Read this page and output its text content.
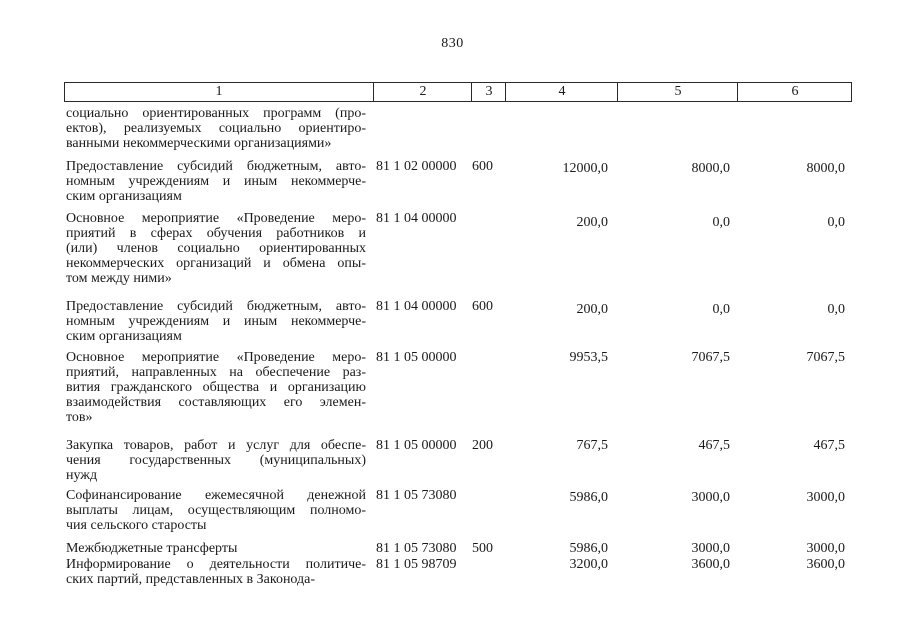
830
1	2	3	4	5	6
социально ориентированных программ (про-
ектов), реализуемых социально ориентиро-
ванными некоммерческими организациями»
Предоставление субсидий бюджетным, авто-
номным учреждениям и иным некоммерче-
ским организациям
81 1 02 00000 600	12000,0	8000,0	8000,0
Основное мероприятие «Проведение меро-
приятий в сферах обучения работников и
(или) членов социально ориентированных
некоммерческих организаций и обмена опы-
том между ними»
81 1 04 00000	200,0	0,0	0,0
Предоставление субсидий бюджетным, авто-
номным учреждениям и иным некоммерче-
ским организациям
81 1 04 00000 600	200,0	0,0	0,0
Основное мероприятие «Проведение меро-
приятий, направленных на обеспечение раз-
вития гражданского общества и организацию
взаимодействия составляющих его элемен-
тов»
81 1 05 00000	9953,5	7067,5	7067,5
Закупка товаров, работ и услуг для обеспе-
чения государственных (муниципальных)
нужд
81 1 05 00000 200	767,5	467,5	467,5
Софинансирование ежемесячной денежной
выплаты лицам, осуществляющим полномо-
чия сельского старосты
81 1 05 73080	5986,0	3000,0	3000,0
Межбюджетные трансферты	81 1 05 73080 500	5986,0	3000,0	3000,0
Информирование о деятельности политиче-
ских партий, представленных в Законода-
81 1 05 98709	3200,0	3600,0	3600,0
